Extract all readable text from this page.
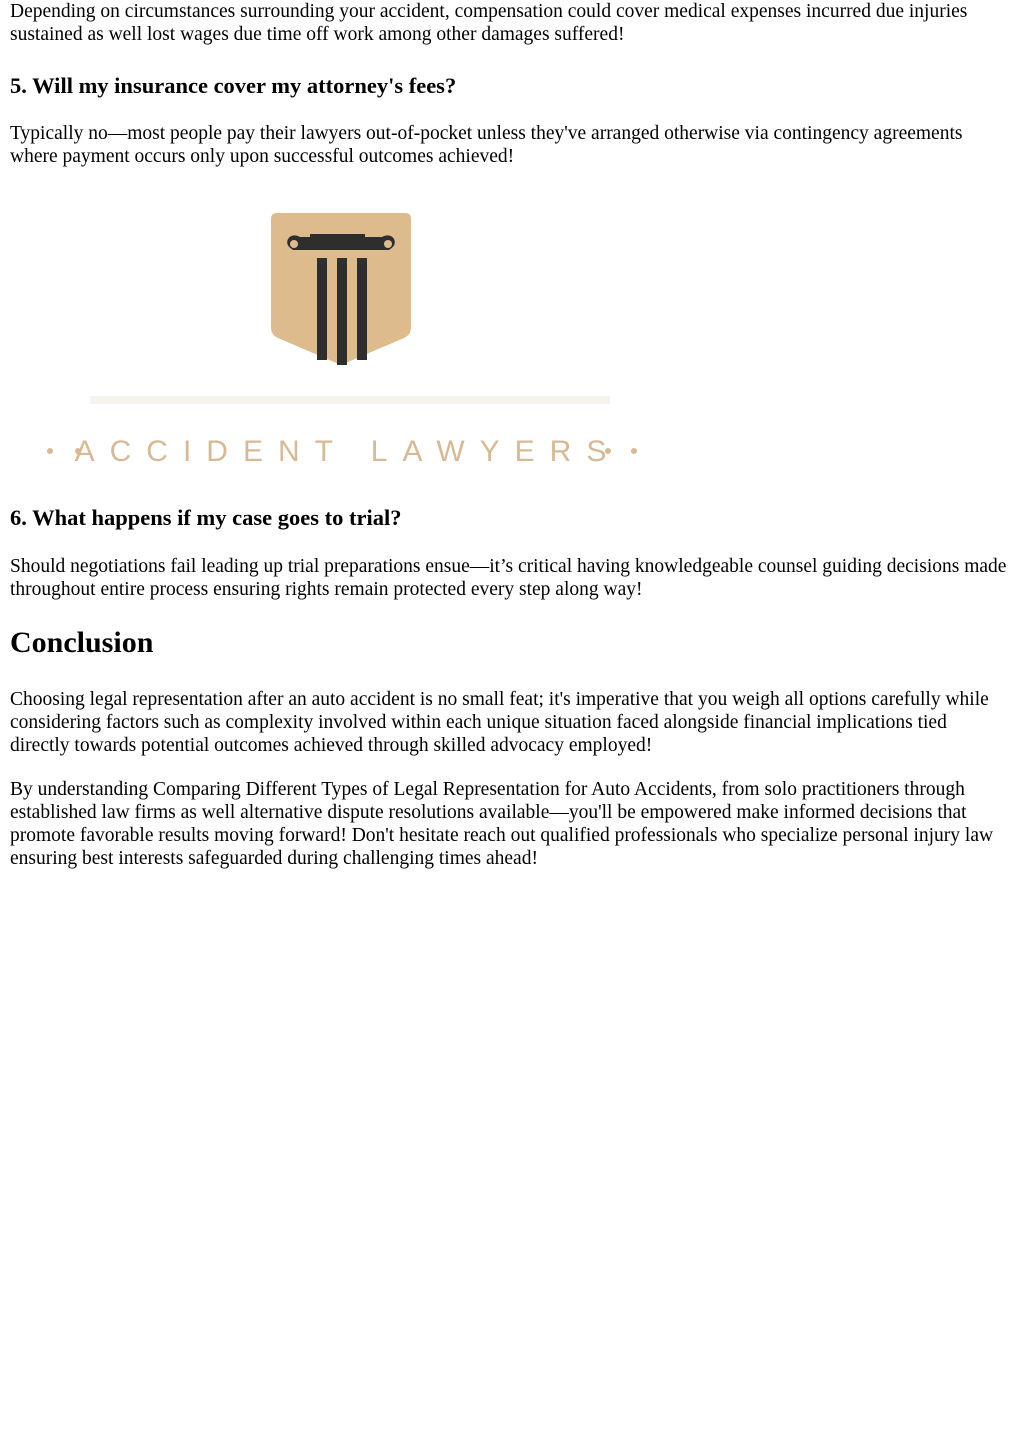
Depending on circumstances surrounding your accident, compensation could cover medical expenses incurred due injuries sustained as well lost wages due time off work among other damages suffered!

5. Will my insurance cover my attorney's fees?

Typically no—most people pay their lawyers out-of-pocket unless they've arranged otherwise via contingency agreements where payment occurs only upon successful outcomes achieved!

ACCIDENT LAWYERS
6. What happens if my case goes to trial?

Should negotiations fail leading up trial preparations ensue—it’s critical having knowledgeable counsel guiding decisions made throughout entire process ensuring rights remain protected every step along way!

Conclusion

Choosing legal representation after an auto accident is no small feat; it's imperative that you weigh all options carefully while considering factors such as complexity involved within each unique situation faced alongside financial implications tied directly towards potential outcomes achieved through skilled advocacy employed!

By understanding Comparing Different Types of Legal Representation for Auto Accidents, from solo practitioners through established law firms as well alternative dispute resolutions available—you'll be empowered make informed decisions that promote favorable results moving forward! Don't hesitate reach out qualified professionals who specialize personal injury law ensuring best interests safeguarded during challenging times ahead!
